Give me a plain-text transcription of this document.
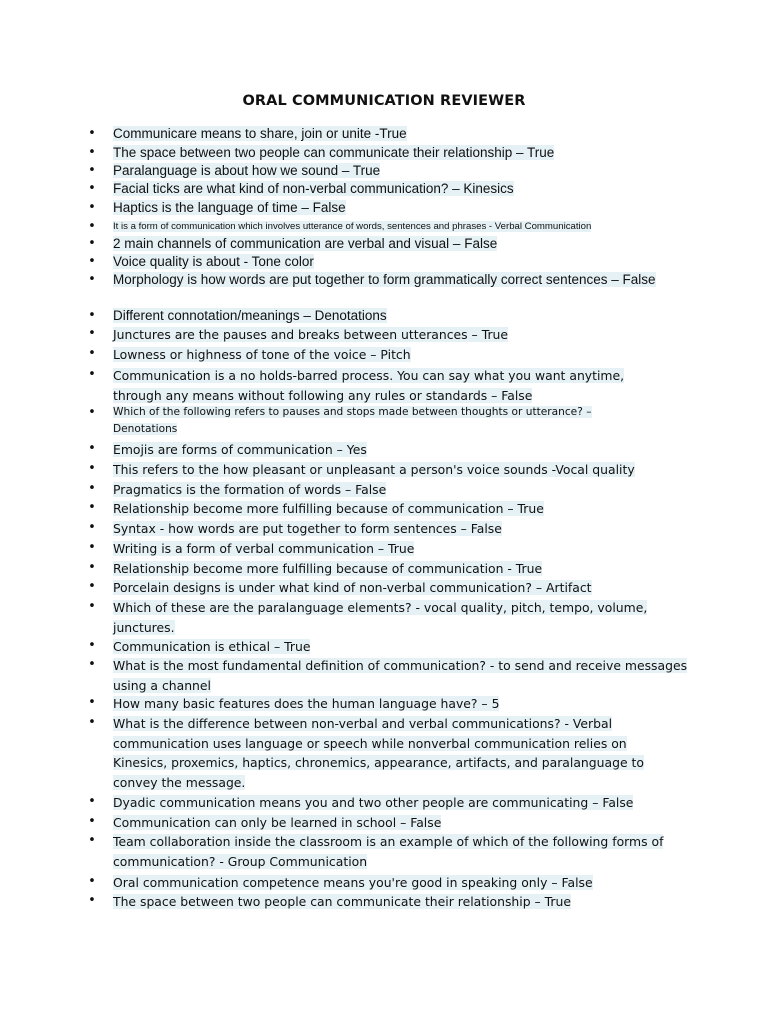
ORAL COMMUNICATION REVIEWER
• Communicare means to share, join or unite -True
• The space between two people can communicate their relationship – True
• Paralanguage is about how we sound – True
• Facial ticks are what kind of non-verbal communication? – Kinesics
• Haptics is the language of time – False
• It is a form of communication which involves utterance of words, sentences and phrases - Verbal Communication
• 2 main channels of communication are verbal and visual – False
• Voice quality is about - Tone color
• Morphology is how words are put together to form grammatically correct sentences – False
• Different connotation/meanings – Denotations
• Junctures are the pauses and breaks between utterances – True
• Lowness or highness of tone of the voice – Pitch
• Communication is a no holds-barred process. You can say what you want anytime, through any means without following any rules or standards – False
• Which of the following refers to pauses and stops made between thoughts or utterance? – Denotations
• Emojis are forms of communication – Yes
• This refers to the how pleasant or unpleasant a person's voice sounds -Vocal quality
• Pragmatics is the formation of words – False
• Relationship become more fulfilling because of communication – True
• Syntax - how words are put together to form sentences – False
• Writing is a form of verbal communication – True
• Relationship become more fulfilling because of communication - True
• Porcelain designs is under what kind of non-verbal communication? – Artifact
• Which of these are the paralanguage elements? - vocal quality, pitch, tempo, volume, junctures.
• Communication is ethical – True
• What is the most fundamental definition of communication? - to send and receive messages using a channel
• How many basic features does the human language have? – 5
• What is the difference between non-verbal and verbal communications? - Verbal communication uses language or speech while nonverbal communication relies on Kinesics, proxemics, haptics, chronemics, appearance, artifacts, and paralanguage to convey the message.
• Dyadic communication means you and two other people are communicating – False
• Communication can only be learned in school – False
• Team collaboration inside the classroom is an example of which of the following forms of communication? - Group Communication
• Oral communication competence means you're good in speaking only – False
• The space between two people can communicate their relationship – True
